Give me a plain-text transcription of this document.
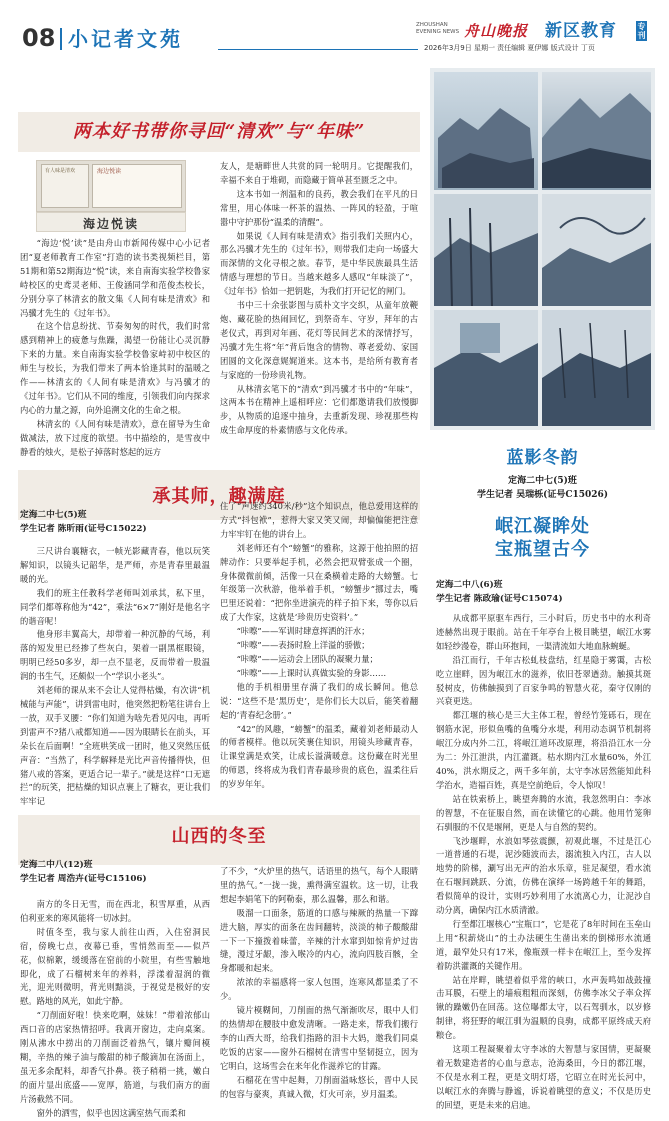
08 小记者文苑
ZHOUSHAN
EVENING NEWS 舟山晚报 新区教育	专刊
2026年3月9日 星期一 责任编辑 夏伊娜 版式设计 丁页
两本好书带你寻回“清欢”与“年味”
有人味是清欢	海边悦读
海边悦读

“海边‘悦’读”是由舟山市新闻传媒中心小记者团“夏老师教育工作室”打造的读书类视频栏目，第51期和第52期海边“悦”读，来自南海实验学校鲁家峙校区的史鸢灵老师、王俊涵同学和范俊杰校长，分别分享了林清玄的散文集《人间有味是清欢》和冯骥才先生的《过年书》。

在这个信息纷扰、节奏匆匆的时代，我们时常感到精神上的疲惫与焦躁，渴望一份能让心灵沉静下来的力量。来自南海实验学校鲁家峙初中校区的师生与校长，为我们带来了两本恰逢其时的温暖之作——林清玄的《人间有味是清欢》与冯骥才的《过年书》。它们从不同的维度，引领我们向内探求内心的力量之源，向外追溯文化的生命之根。

林清玄的《人间有味是清欢》，意在留导为生命做减法，放下过度的欲望。书中描绘的，是雪夜中静看的烛火，是松子掉落时悠起的远方

友人，是塘畔世人共赏的同一轮明月。它提醒我们，幸福不来自于堆砌，而隐藏于简单甚至匮乏之中。

这本书如一剂温和的良药，教会我们在平凡的日常里，用心体味一杯茶的温热、一阵风的轻盈，于喧嚣中守护那份“温柔的清醒”。

如果说《人间有味是清欢》指引我们关照内心，那么冯骥才先生的《过年书》，则带我们走向一场盛大而深情的文化寻根之旅。春节，是中华民族最具生活情感与理想的节日。当越来越多人感叹“年味淡了”，《过年书》恰如一把钥匙，为我们打开记忆的闸门。

书中三十余张影图与质朴文字交织，从童年放鞭炮、藏花脸的热闹回忆，到祭奇车、守岁，拜年的古老仪式，再到对年画、花灯等民间艺术的深情抒写，冯骥才先生将“年”背后饱含的情物、尊老爱幼、家国团圆的文化深意娓娓道来。这本书，是给所有教育者与家庭的一份珍贵礼物。

从林清玄笔下的“清欢”到冯骥才书中的“年味”，这两本书在精神上遥相呼应：它们都邀请我们放慢脚步，从物质的追逐中抽身，去重新发现、珍视那些构成生命厚度的朴素情感与文化传承。

承其师，趣满庭
定海二中七(5)班
学生记者 陈昕雨(证号C15022)

三尺讲台襄糖衣，一帧光影藏青春，他以玩笑解知识，以镜头记韶华，是严师，亦是青春里最温暖的光。

我们的班主任教科学老师叫刘承其，私下里，同学们都尊称他为“42”，乘法“6×7”刚好是他名字的谐音呢！

他身形丰翼高大，却带着一种沉静的气场，利落的短发里已经掺了些灰白，架着一副黑框眼镜，明明已经50多岁，却一点不显老，反而带着一股温润的书生气，还颇似一个“学识小老头”。

刘老师的课从来不会让人觉得枯燥，有次讲“机械能与声能”，讲到雷电时，他突然把粉笔往讲台上一放，双手叉腰：“你们知道为啥先看见闪电，再听到雷声不?猪八戒都知道——因为眼睛长在前头，耳朵长在后面啊！”全班哄笑成一团时，他又突然压低声音：“当然了，科学解释是光比声音传播得快，但猪八戒的答案，更适合记一辈子。”就是这样“口无遮拦”的玩笑，把枯燥的知识点裹上了糖衣，更让我们牢牢记

住了“声速约340米/秒”这个知识点，他总爱用这样的方式“抖包袱”，惹得大家又笑又闹，却偏偏能把注意力牢牢钉在他的讲台上。

刘老师还有个“螃蟹”的雅称，这源于他拍照的招牌动作：只要举起手机，必然会把双臂张成一个圈，身体微微前倾，活像一只在桑横着走路的大螃蟹。七年级第一次秋游，他举着手机，“螃蟹步”挪过去，嘴巴里还说着：“把你坐进演壳的样子拍下来，等你以后成了大作家，这就是‘珍贵历史资料’。”

“咔嚓”——军训时肆意挥洒的汗水；

“咔嚓”——表扬时脸上洋溢的骄傲；

“咔嚓”——运动会上团队的凝聚力量；

“咔嚓”——上课时认真做实验的身影……

他的手机相册里存满了我们的成长瞬间。他总说：“这些不是‘黑历史’，是你们长大以后，能笑着翻起的‘青春纪念册’。”

“42”的风趣，“螃蟹”的温柔，藏着刘老师最动人的师者模样。他以玩笑裹住知识，用镜头珍藏青春，让课堂满是欢笑，让成长溢满暖意。这份藏在时光里的师恩，终将成为我们青春最珍贵的底色，温柔往后的岁岁年年。

山西的冬至
定海二中八(12)班
学生记者 周浩卉(证号C15106)

南方的冬日无雪，而在西北，积雪厚重，从西伯利亚来的寒风能将一切冰封。

时值冬至，我与家人前往山西，入住窑洞民宿，傍晚七点，夜幕已垂，雪悄然而至——似芦花，似棉絮，缓缓落在窑前的小院里，有些雪触地即化，成了石榴树来年的养料，浮漾着湿润的微光，迎光则微明，背光则黯淡，于视觉是极好的安慰。路地的风光，如此宁静。

“刀削面好啦！快来吃啊，妹妹！”带着浓郁山西口音的店家热情招呼。我离开窗边，走向桌案。刚从沸水中捞出的刀削面泛着热气，镶片瓣间模糊，辛热的辣子油与酸甜的柿子酸滴加在汤面上，虽无多余配料，却香气扑鼻。筷子稍稍一挑，嫩白的面片显出底盛——宽厚，筋道，与我们南方的面片汤截然不同。

窗外的洒雪，似乎也因这满室热气而柔和

了不少，“火炉里的热气，话语里的热气，每个人眼睛里的热气。”一拢一拢，熏得满室温软。这一切，让我想起李娟笔下的阿勒泰，那么温馨，那么和谐。

吸溜一口面条，筋道的口感与辣厥的热量一下蹿进大脑，厚实的面条在齿间翻转，淡淡的柿子酸酸甜一下一下撞拨着味蕾，辛辣的汁水窜到如惊肯炉过齿缝，漫过牙龈，渗入喉冷的内心，流向四肢百骸，全身都暖和起来。

浓浓的幸福感将一家人包围，连寒风都显柔了不少。

镜片模糊间，刀削面的热气渐渐吹尽，眼中人们的热情却在腰肢中愈发清晰。一路走来，帮我们搬行李的山西大哥，给我们指路的泪卡大妈，邀我们同桌吃饭的店家——窗外石榴树在清雪中坚韧挺立，因为它明白，这场雪会在来年化作滋养它的甘露。

石榴花在雪中起舞，刀削面溢咏悠长，晋中人民的包容与豪爽，真诚入微，灯火可亲，岁月温柔。

蓝影冬韵
定海二中七(5)班
学生记者 吴瑞栎(证号C15026)
岷江凝眸处
宝瓶望古今
定海二中八(6)班
学生记者 陈政瑜(证号C15074)

从成都平原驱车西行，三小时后，历史书中的水利奇迹赫然出现于眼前。站在千年亭台上极目眺望，岷江水雾如轻纱漫卷，群山环抱间，一渠清流如大地血脉蜿蜒。

沿江而行，千年古松虬枝盘结，红星隐于雾霭，古松吃立崖畔，因为岷江水的滋养，依旧苍翠遒劲。触摸其斑驳树皮，仿佛触摸到了百家争鸣的智慧火花，秦守仅刚的兴衰更迭。

都江堰的核心是三大主体工程，曾经竹笼砾石，现在钢筋水泥，形似鱼嘴的鱼嘴分水堤，利用动态调节机制将岷江分成内外二江，将岷江道环改原理，将沿沿江水一分为二：外江泄洪，内江灌溉。枯水期内江水量60%，外江40%，洪水期反之，两千多年前，太守李冰居然能知此科学治水，造福百姓，真是空前绝后，令人惊叹！

站在铁索桥上，眺望奔腾的水流，我忽然明白：李冰的智慧，不在征服自然，而在读懂它的心跳。他用竹笼卵石驯服的不仅是堰闸，更是人与自然的契约。

飞沙堰畔，水浪如琴弦震颤，初观此堰，不过是江心一道普通的石堤，泥沙随波而去，溺流独入内江，古人以地势的阶梯，涮写出无声的治水乐章，驻足凝望，看水流在石堰间跳跃、分流，仿佛在演绎一场跨越千年的舞蹈，看似简单的设计，实则巧妙利用了水流离心力，让泥沙自动分离，确保内江水质清澈。

行至都江堰核心“宝瓶口”，它是花了8年时间在玉垒山上用“积薪烧山”的土办法硬生生凿出来的倒梯形水流通道，最窄处只有17米，像瓶颈一样卡在岷江上，至今发挥着防洪灌溉的关键作用。

站在岸畔，眺望着似乎常的峡口，水声轰鸣如战鼓撞击耳膜，石壁上的墙痕粗粗而深刻，仿佛李冰父子率众挥锹的躁嫩仍在回荡。这位曝都太守，以石驾驯水，以岁修制律，将狂野的岷江驯为温顺的良驹，成都平原终成天府粮仓。

这项工程凝聚着太守李冰的大智慧与家国情，更凝聚着无数建造者的心血与意志，沧海桑田，今日的都江堰，不仅是水利工程，更是文明灯塔，它昭立在时光长河中，以岷江水的奔腾与静谧，诉说着眺望的意义；不仅是历史的回望，更是未来的启迪。
